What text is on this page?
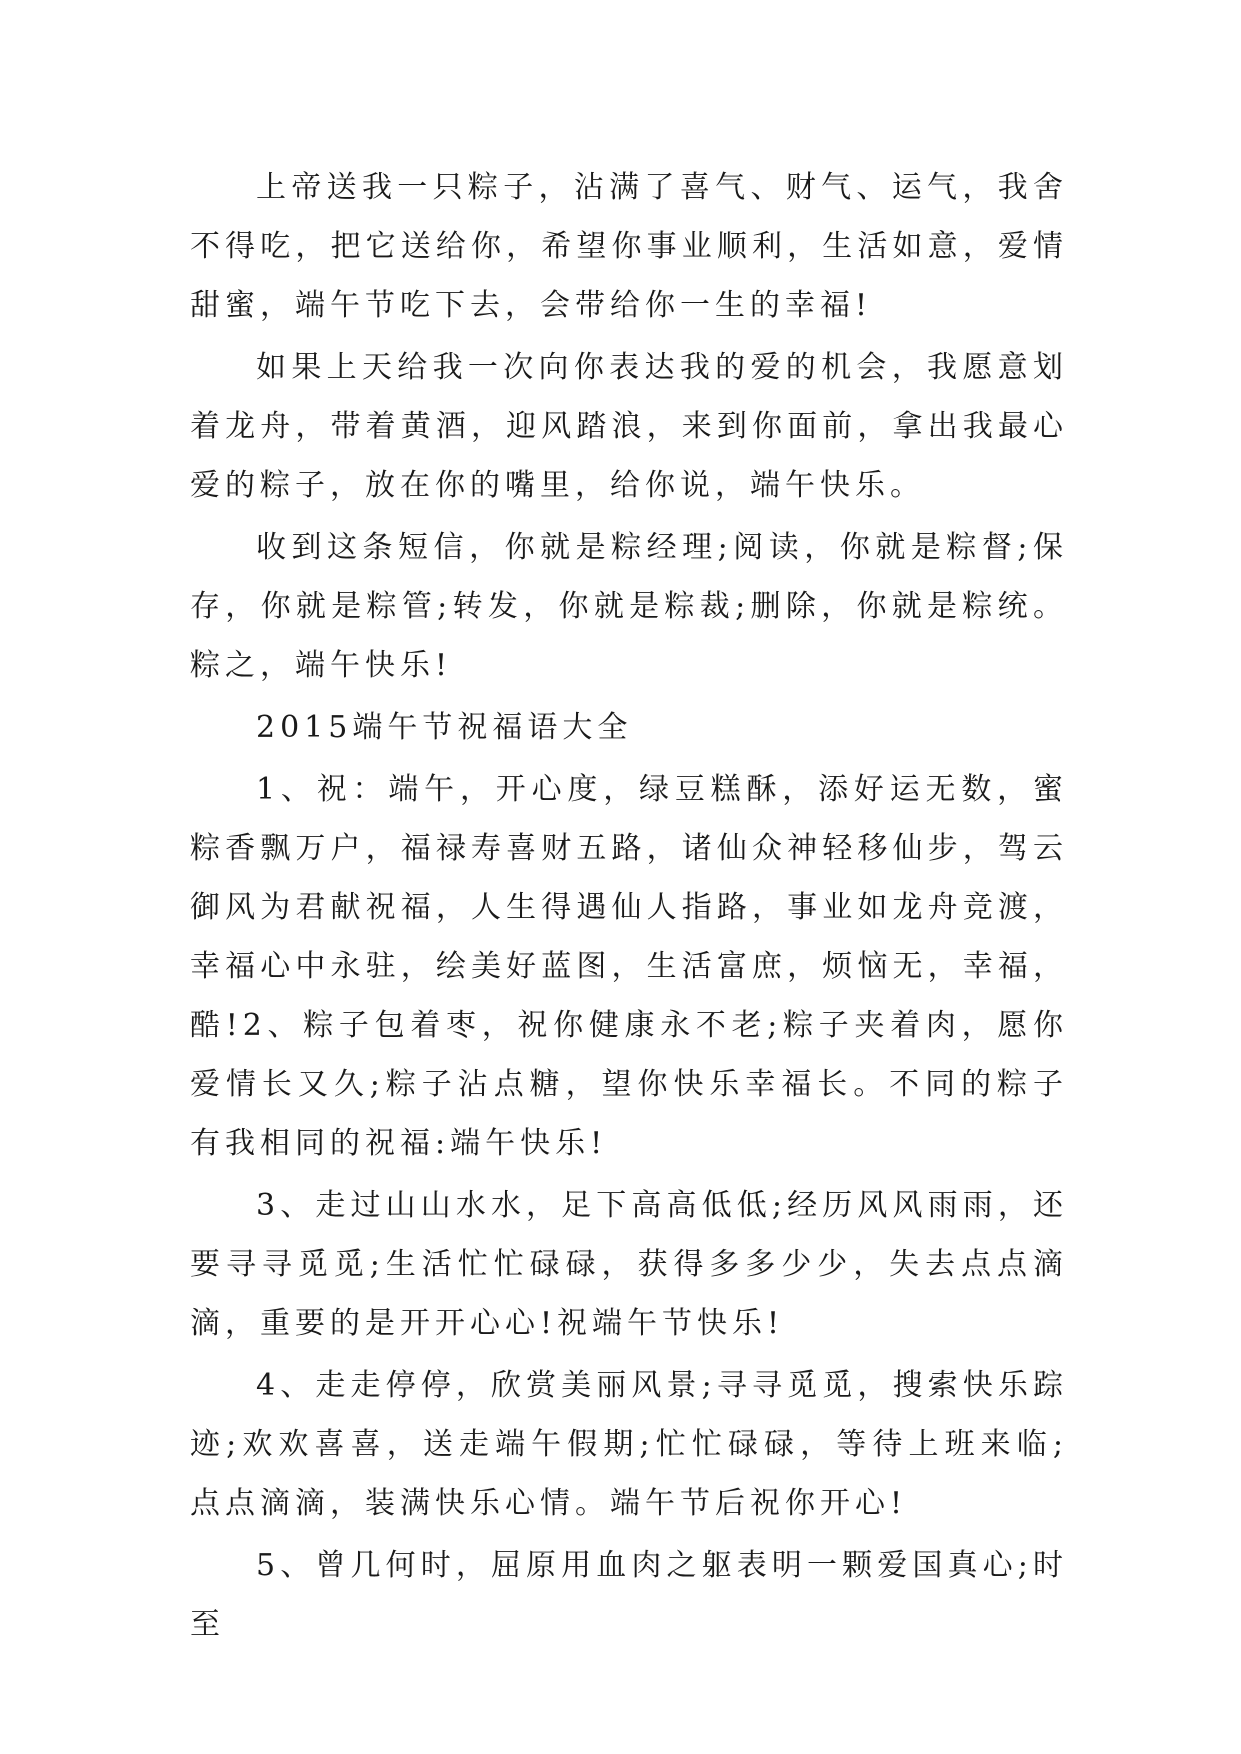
上帝送我一只粽子，沾满了喜气、财气、运气，我舍不得吃，把它送给你，希望你事业顺利，生活如意，爱情甜蜜，端午节吃下去，会带给你一生的幸福!

如果上天给我一次向你表达我的爱的机会，我愿意划着龙舟，带着黄酒，迎风踏浪，来到你面前，拿出我最心爱的粽子，放在你的嘴里，给你说，端午快乐。

收到这条短信，你就是粽经理;阅读，你就是粽督;保存，你就是粽管;转发，你就是粽裁;删除，你就是粽统。粽之，端午快乐!

2015端午节祝福语大全

1、祝：端午，开心度，绿豆糕酥，添好运无数，蜜粽香飘万户，福禄寿喜财五路，诸仙众神轻移仙步，驾云御风为君献祝福，人生得遇仙人指路，事业如龙舟竞渡，幸福心中永驻，绘美好蓝图，生活富庶，烦恼无，幸福，酷!2、粽子包着枣，祝你健康永不老;粽子夹着肉，愿你爱情长又久;粽子沾点糖，望你快乐幸福长。不同的粽子有我相同的祝福:端午快乐!

3、走过山山水水，足下高高低低;经历风风雨雨，还要寻寻觅觅;生活忙忙碌碌，获得多多少少，失去点点滴滴，重要的是开开心心!祝端午节快乐!

4、走走停停，欣赏美丽风景;寻寻觅觅，搜索快乐踪迹;欢欢喜喜，送走端午假期;忙忙碌碌，等待上班来临;点点滴滴，装满快乐心情。端午节后祝你开心!

5、曾几何时，屈原用血肉之躯表明一颗爱国真心;时至
